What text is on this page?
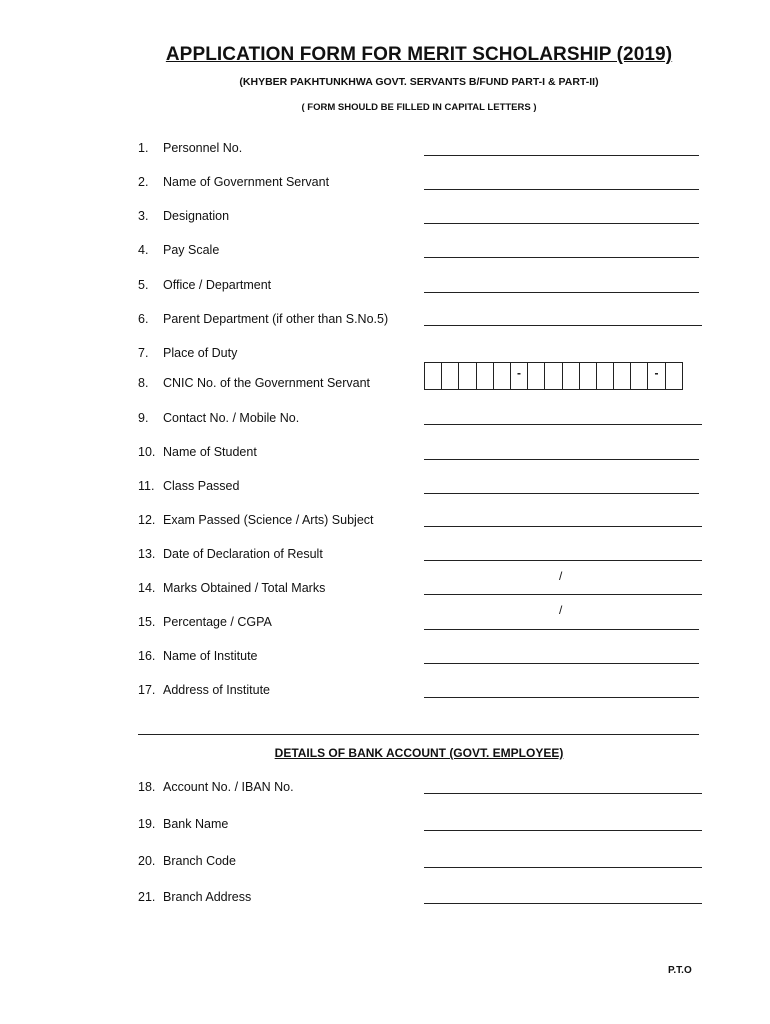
APPLICATION FORM FOR MERIT SCHOLARSHIP (2019)
(KHYBER PAKHTUNKHWA GOVT. SERVANTS B/FUND PART-I & PART-II)
( FORM SHOULD BE FILLED IN CAPITAL LETTERS )
1. Personnel No.
2. Name of Government Servant
3. Designation
4. Pay Scale
5. Office / Department
6. Parent Department (if other than S.No.5)
7. Place of Duty
8. CNIC No. of the Government Servant
9. Contact No. / Mobile No.
10. Name of Student
11. Class Passed
12. Exam Passed (Science / Arts) Subject
13. Date of Declaration of Result
14. Marks Obtained / Total Marks
15. Percentage / CGPA
16. Name of Institute
17. Address of Institute
-	-
/
/
DETAILS OF BANK ACCOUNT (GOVT. EMPLOYEE)
18. Account No. / IBAN No.
19. Bank Name
20. Branch Code
21. Branch Address
P.T.O
